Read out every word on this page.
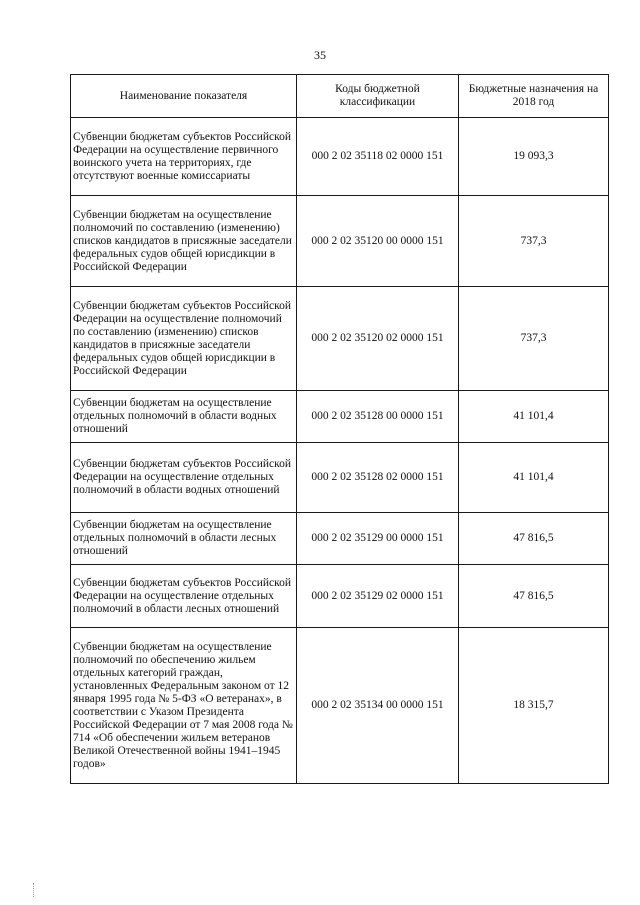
35
Наименование показателя	Коды бюджетной классификации	Бюджетные назначения на 2018 год
Субвенции бюджетам субъектов Российской Федерации на осуществление первичного воинского учета на территориях, где отсутствуют военные комиссариаты	000 2 02 35118 02 0000 151	19 093,3
Субвенции бюджетам на осуществление полномочий по составлению (изменению) списков кандидатов в присяжные заседатели федеральных судов общей юрисдикции в Российской Федерации	000 2 02 35120 00 0000 151	737,3
Субвенции бюджетам субъектов Российской Федерации на осуществление полномочий по составлению (изменению) списков кандидатов в присяжные заседатели федеральных судов общей юрисдикции в Российской Федерации	000 2 02 35120 02 0000 151	737,3
Субвенции бюджетам на осуществление отдельных полномочий в области водных отношений	000 2 02 35128 00 0000 151	41 101,4
Субвенции бюджетам субъектов Российской Федерации на осуществление отдельных полномочий в области водных отношений	000 2 02 35128 02 0000 151	41 101,4
Субвенции бюджетам на осуществление отдельных полномочий в области лесных отношений	000 2 02 35129 00 0000 151	47 816,5
Субвенции бюджетам субъектов Российской Федерации на осуществление отдельных полномочий в области лесных отношений	000 2 02 35129 02 0000 151	47 816,5
Субвенции бюджетам на осуществление полномочий по обеспечению жильем отдельных категорий граждан, установленных Федеральным законом от 12 января 1995 года № 5-ФЗ «О ветеранах», в соответствии с Указом Президента Российской Федерации от 7 мая 2008 года № 714 «Об обеспечении жильем ветеранов Великой Отечественной войны 1941–1945 годов»	000 2 02 35134 00 0000 151	18 315,7
